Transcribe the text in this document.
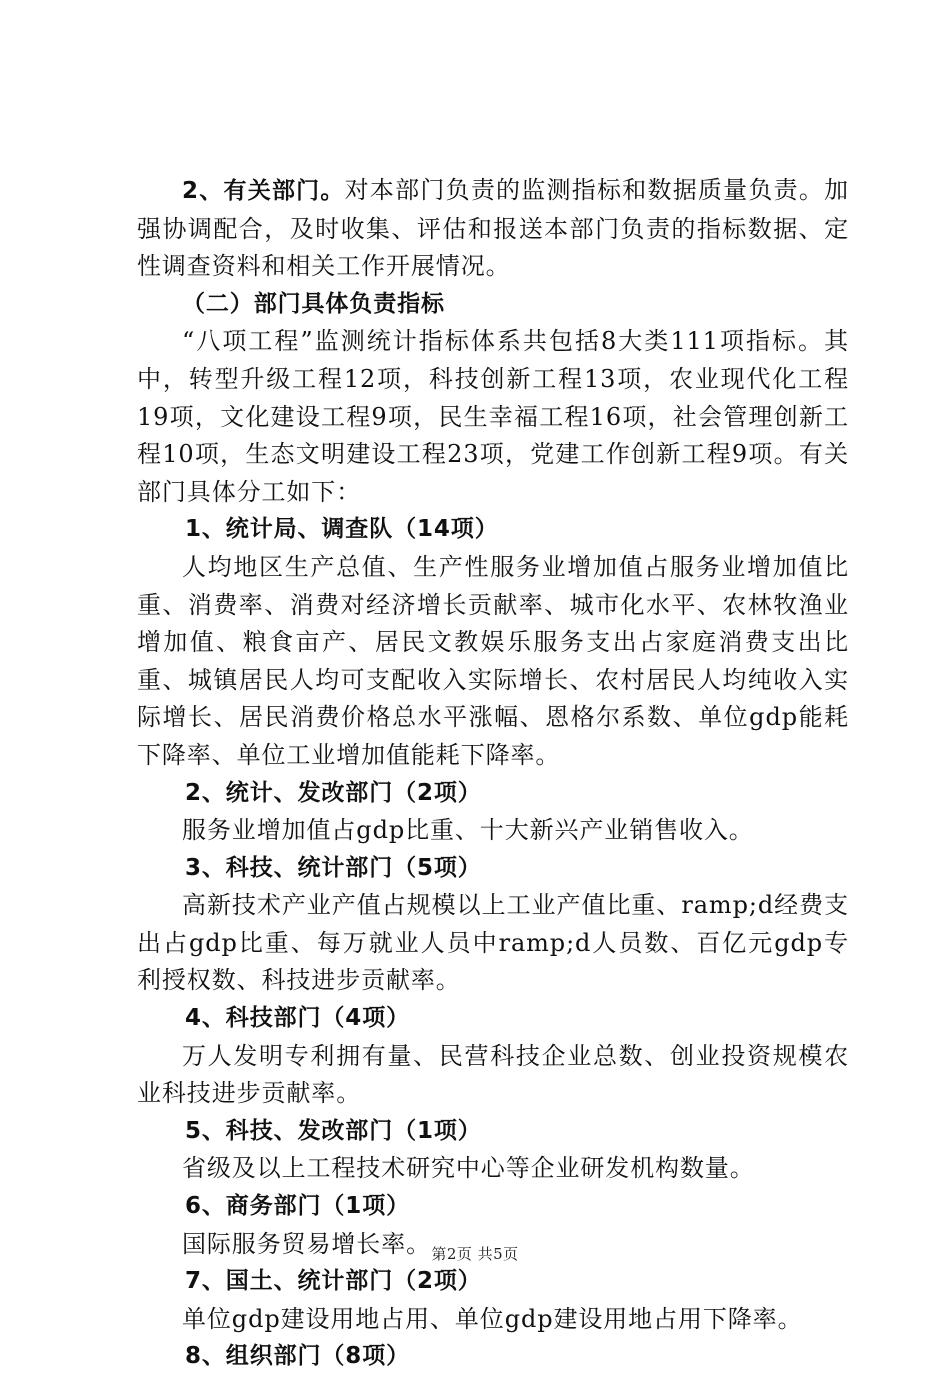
2、有关部门。对本部门负责的监测指标和数据质量负责。加强协调配合，及时收集、评估和报送本部门负责的指标数据、定性调查资料和相关工作开展情况。

（二）部门具体负责指标

“八项工程”监测统计指标体系共包括8大类111项指标。其中，转型升级工程12项，科技创新工程13项，农业现代化工程19项，文化建设工程9项，民生幸福工程16项，社会管理创新工程10项，生态文明建设工程23项，党建工作创新工程9项。有关部门具体分工如下：

1、统计局、调查队（14项）

人均地区生产总值、生产性服务业增加值占服务业增加值比重、消费率、消费对经济增长贡献率、城市化水平、农林牧渔业增加值、粮食亩产、居民文教娱乐服务支出占家庭消费支出比重、城镇居民人均可支配收入实际增长、农村居民人均纯收入实际增长、居民消费价格总水平涨幅、恩格尔系数、单位gdp能耗下降率、单位工业增加值能耗下降率。

2、统计、发改部门（2项）

服务业增加值占gdp比重、十大新兴产业销售收入。

3、科技、统计部门（5项）

高新技术产业产值占规模以上工业产值比重、ramp;d经费支出占gdp比重、每万就业人员中ramp;d人员数、百亿元gdp专利授权数、科技进步贡献率。

4、科技部门（4项）

万人发明专利拥有量、民营科技企业总数、创业投资规模农业科技进步贡献率。

5、科技、发改部门（1项）

省级及以上工程技术研究中心等企业研发机构数量。

6、商务部门（1项）

国际服务贸易增长率。

7、国土、统计部门（2项）

单位gdp建设用地占用、单位gdp建设用地占用下降率。

8、组织部门（8项）

第2页 共5页
